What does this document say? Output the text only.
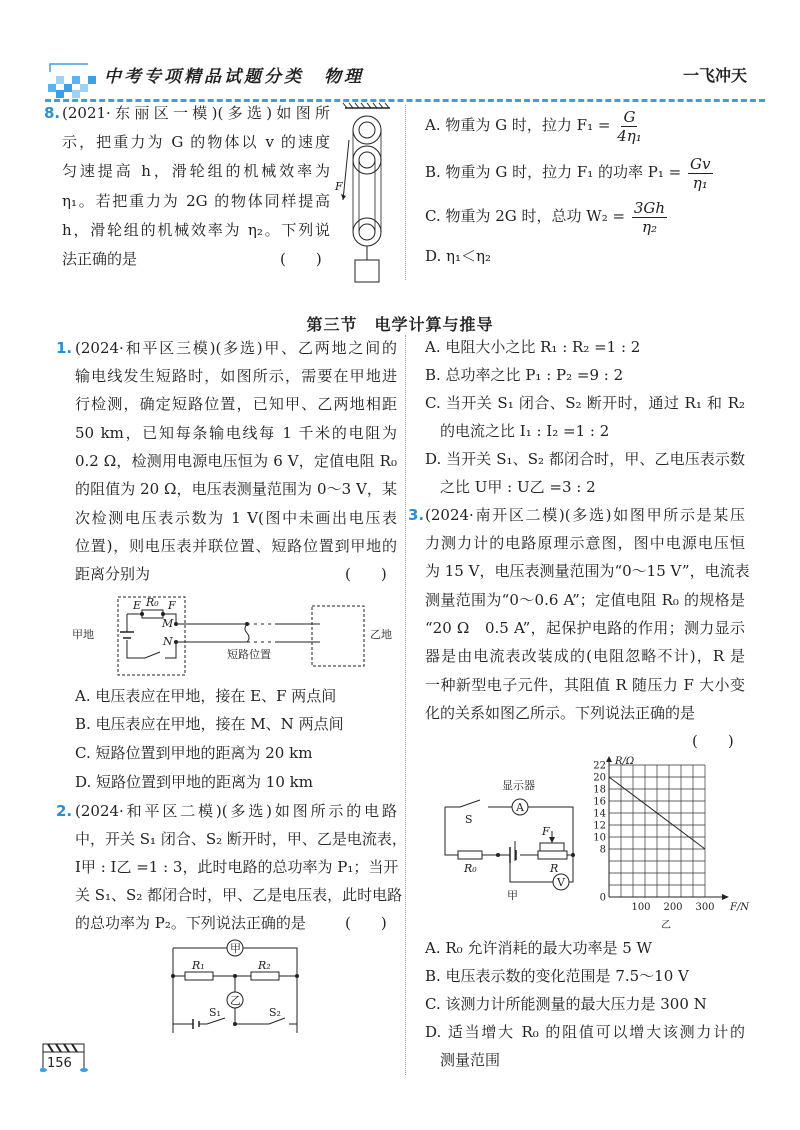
中考专项精品试题分类　物理	一飞冲天
8. (2021·东丽区一模)(多选)如图所
示，把重力为 G 的物体以 v 的速度
匀速提高 h，滑轮组的机械效率为
η₁。若把重力为 2G 的物体同样提高
h，滑轮组的机械效率为 η₂。下列说
法正确的是	(　　)
F
A. 物重为 G 时，拉力 $F_1 = \frac{G}{\text{4η₁}}$
B. 物重为 G 时，拉力 F₁ 的功率 $P_1 = \frac{Gv}{\text{η₁}}$
C. 物重为 2G 时，总功 $W_2 = \frac{3Gh}{\text{η₂}}$
D. η₁＜η₂
第三节　电学计算与推导
1. (2024·和平区三模)(多选)甲、乙两地之间的
输电线发生短路时，如图所示，需要在甲地进
行检测，确定短路位置，已知甲、乙两地相距
50 km，已知每条输电线每 1 千米的电阻为
0.2 Ω，检测用电源电压恒为 6 V，定值电阻 R₀
的阻值为 20 Ω，电压表测量范围为 0～3 V，某
次检测电压表示数为 1 V(图中未画出电压表
位置)，则电压表并联位置、短路位置到甲地的
距离分别为	(　　)
甲地	乙地
短路位置
E R₀ F
M
N
A. 电压表应在甲地，接在 E、F 两点间
B. 电压表应在甲地，接在 M、N 两点间
C. 短路位置到甲地的距离为 20 km
D. 短路位置到甲地的距离为 10 km
2. (2024·和平区二模)(多选)如图所示的电路
中，开关 S₁ 闭合、S₂ 断开时，甲、乙是电流表，
I甲 : I乙 =1 : 3，此时电路的总功率为 P₁；当开
关 S₁、S₂ 都闭合时，甲、乙是电压表，此时电路
的总功率为 P₂。下列说法正确的是	(　　)
甲
乙
R₁	R₂
S₁	S₂
156
A. 电阻大小之比 R₁ : R₂ =1 : 2
B. 总功率之比 P₁ : P₂ =9 : 2
C. 当开关 S₁ 闭合、S₂ 断开时，通过 R₁ 和 R₂
　的电流之比 I₁ : I₂ =1 : 2
D. 当开关 S₁、S₂ 都闭合时，甲、乙电压表示数
　之比 U甲 : U乙 =3 : 2
3. (2024·南开区二模)(多选)如图甲所示是某压
力测力计的电路原理示意图，图中电源电压恒
为 15 V，电压表测量范围为“0～15 V”，电流表
测量范围为“0～0.6 A”；定值电阻 R₀ 的规格是
“20 Ω　0.5 A”，起保护电路的作用；测力显示
器是由电流表改装成的(电阻忽略不计)，R 是
一种新型电子元件，其阻值 R 随压力 F 大小变
化的关系如图乙所示。下列说法正确的是
(　　)
显示器
A
V
S
F
R
R₀
甲	0
8
10
12
14
16
18
20
22
100 200 300
R/Ω
F/N
乙
A. R₀ 允许消耗的最大功率是 5 W
B. 电压表示数的变化范围是 7.5～10 V
C. 该测力计所能测量的最大压力是 300 N
D. 适当增大 R₀ 的阻值可以增大该测力计的
　测量范围
